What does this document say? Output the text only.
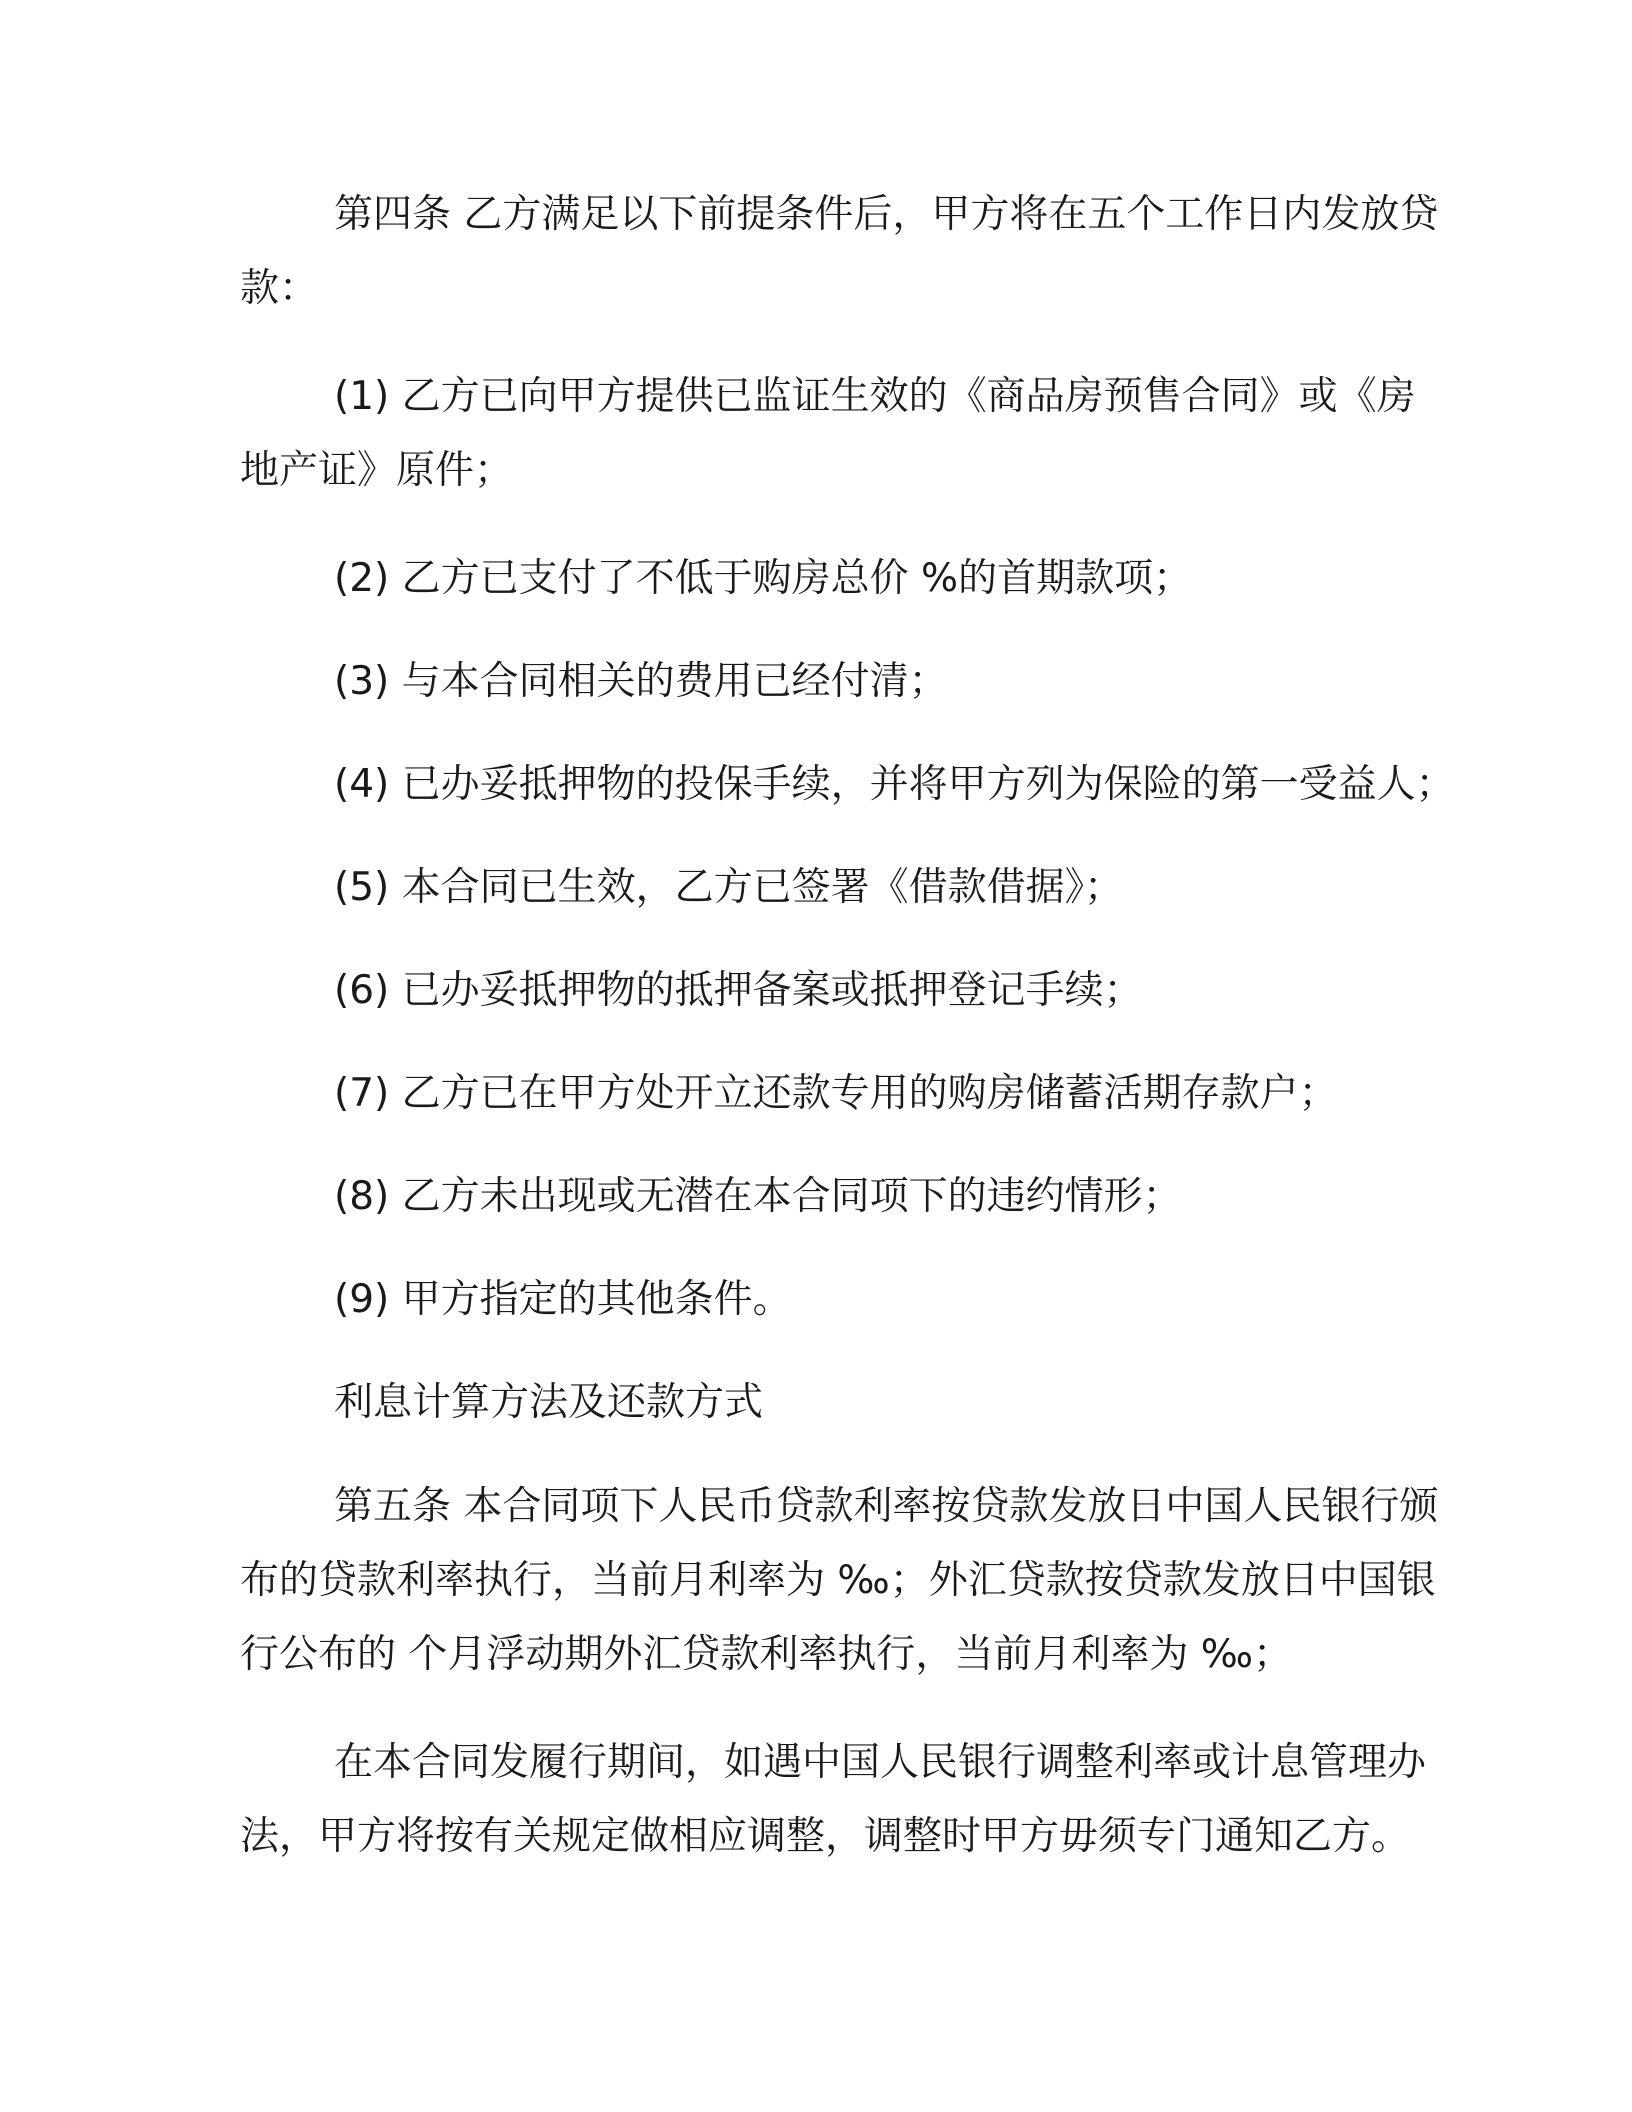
第四条 乙方满足以下前提条件后，甲方将在五个工作日内发放贷
款：
(1) 乙方已向甲方提供已监证生效的《商品房预售合同》或《房
地产证》原件；
(2) 乙方已支付了不低于购房总价 %的首期款项；
(3) 与本合同相关的费用已经付清；
(4) 已办妥抵押物的投保手续，并将甲方列为保险的第一受益人；
(5) 本合同已生效，乙方已签署《借款借据》；
(6) 已办妥抵押物的抵押备案或抵押登记手续；
(7) 乙方已在甲方处开立还款专用的购房储蓄活期存款户；
(8) 乙方未出现或无潜在本合同项下的违约情形；
(9) 甲方指定的其他条件。
利息计算方法及还款方式
第五条 本合同项下人民币贷款利率按贷款发放日中国人民银行颁
布的贷款利率执行，当前月利率为 ‰；外汇贷款按贷款发放日中国银
行公布的 个月浮动期外汇贷款利率执行，当前月利率为 ‰；
在本合同发履行期间，如遇中国人民银行调整利率或计息管理办
法，甲方将按有关规定做相应调整，调整时甲方毋须专门通知乙方。
